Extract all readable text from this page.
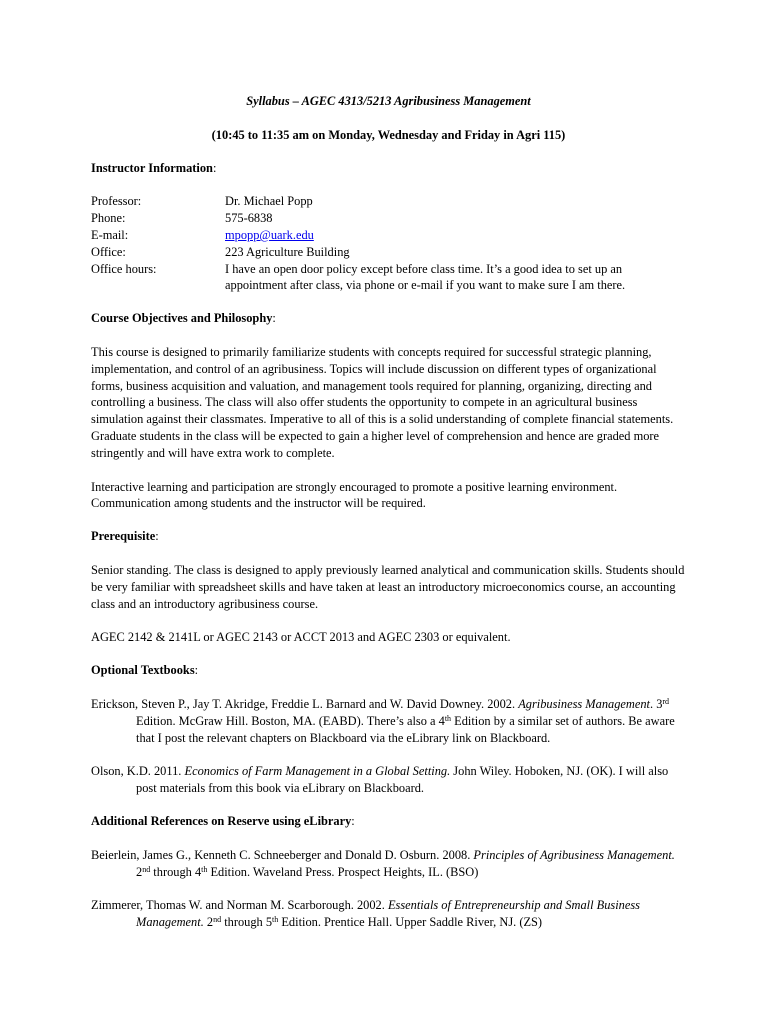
Syllabus – AGEC 4313/5213 Agribusiness Management
(10:45 to 11:35 am on Monday, Wednesday and Friday in Agri 115)
Instructor Information:
Professor:	Dr. Michael Popp
Phone:	575-6838
E-mail:	mpopp@uark.edu
Office:	223 Agriculture Building
Office hours:	I have an open door policy except before class time. It’s a good idea to set up an appointment after class, via phone or e-mail if you want to make sure I am there.
Course Objectives and Philosophy:

This course is designed to primarily familiarize students with concepts required for successful strategic planning, implementation, and control of an agribusiness. Topics will include discussion on different types of organizational forms, business acquisition and valuation, and management tools required for planning, organizing, directing and controlling a business. The class will also offer students the opportunity to compete in an agricultural business simulation against their classmates. Imperative to all of this is a solid understanding of complete financial statements. Graduate students in the class will be expected to gain a higher level of comprehension and hence are graded more stringently and will have extra work to complete.

Interactive learning and participation are strongly encouraged to promote a positive learning environment. Communication among students and the instructor will be required.

Prerequisite:

Senior standing. The class is designed to apply previously learned analytical and communication skills. Students should be very familiar with spreadsheet skills and have taken at least an introductory microeconomics course, an accounting class and an introductory agribusiness course.

AGEC 2142 & 2141L or AGEC 2143 or ACCT 2013 and AGEC 2303 or equivalent.

Optional Textbooks:

Erickson, Steven P., Jay T. Akridge, Freddie L. Barnard and W. David Downey. 2002. Agribusiness Management. 3rd Edition. McGraw Hill. Boston, MA. (EABD). There’s also a 4th Edition by a similar set of authors. Be aware that I post the relevant chapters on Blackboard via the eLibrary link on Blackboard.

Olson, K.D. 2011. Economics of Farm Management in a Global Setting. John Wiley. Hoboken, NJ. (OK). I will also post materials from this book via eLibrary on Blackboard.

Additional References on Reserve using eLibrary:

Beierlein, James G., Kenneth C. Schneeberger and Donald D. Osburn. 2008. Principles of Agribusiness Management. 2nd through 4th Edition. Waveland Press. Prospect Heights, IL. (BSO)

Zimmerer, Thomas W. and Norman M. Scarborough. 2002. Essentials of Entrepreneurship and Small Business Management. 2nd through 5th Edition. Prentice Hall. Upper Saddle River, NJ. (ZS)
